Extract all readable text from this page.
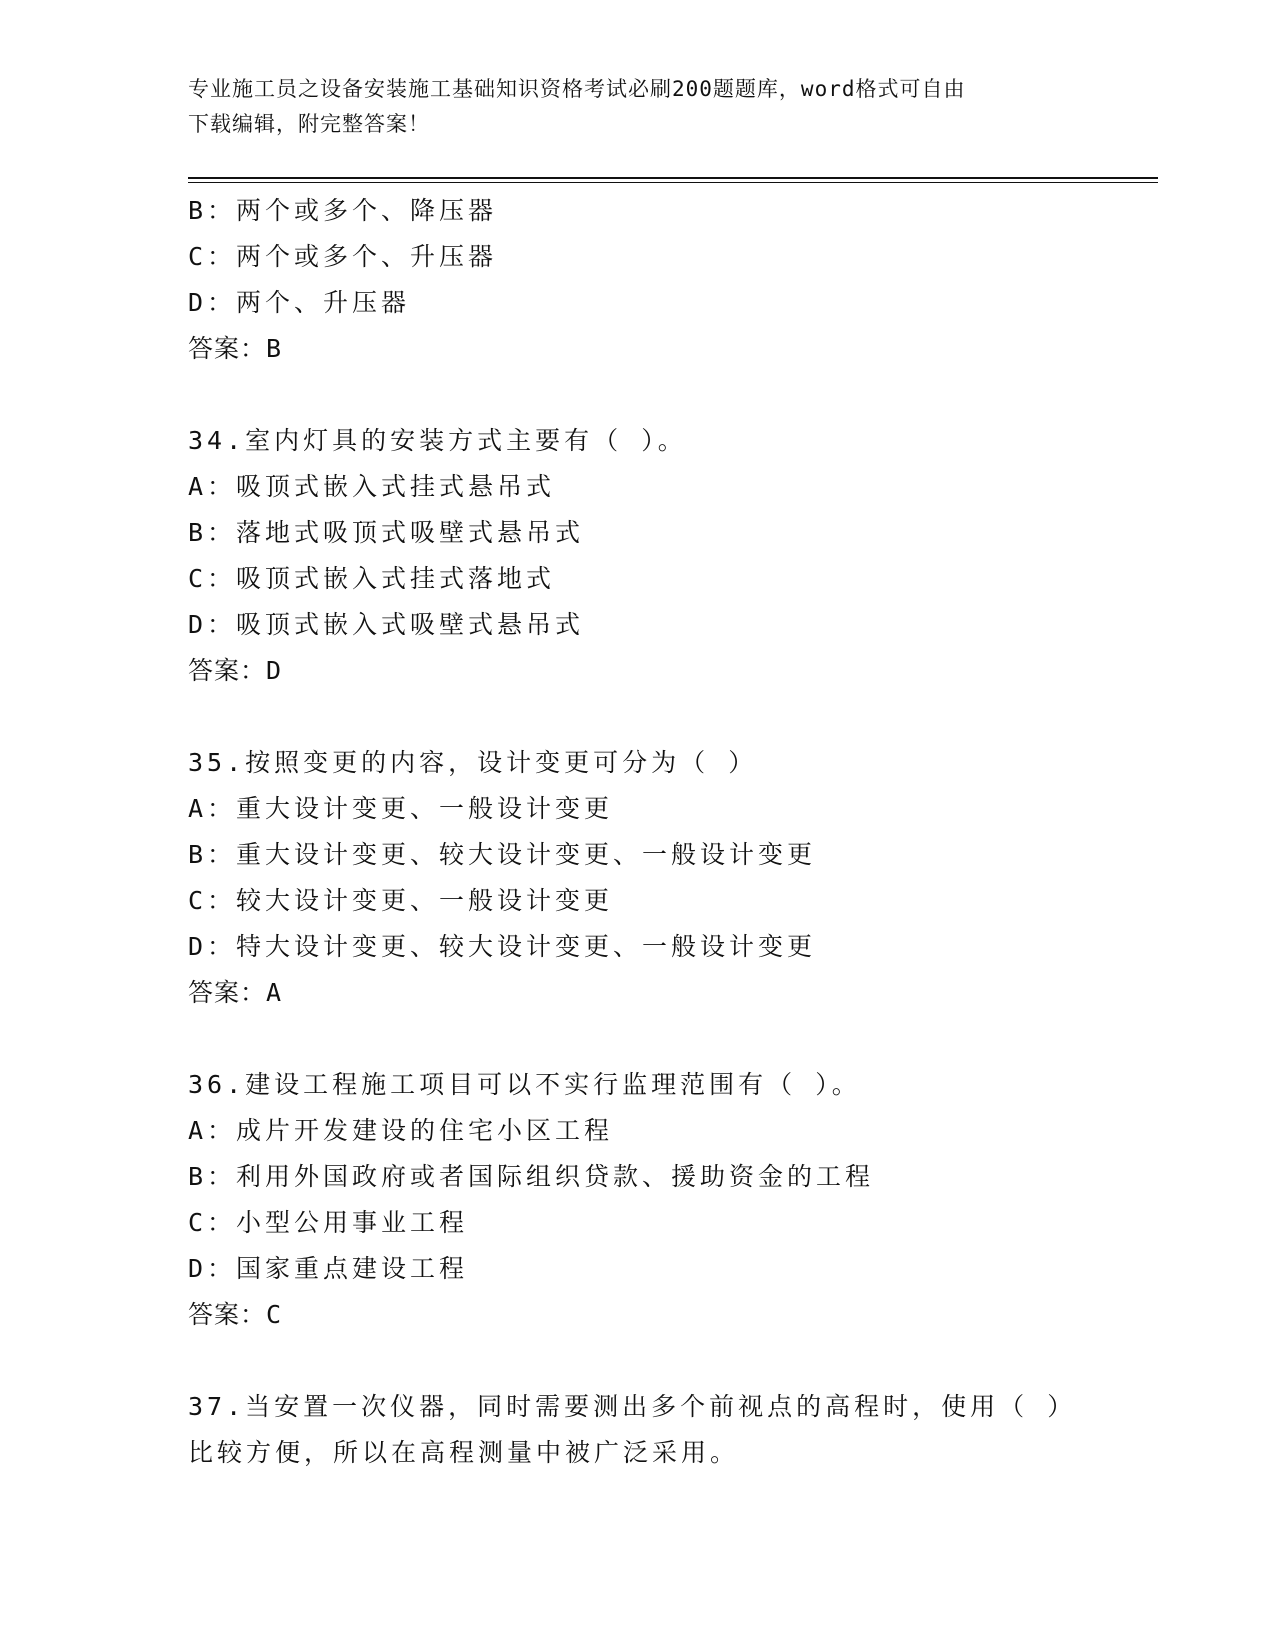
专业施工员之设备安装施工基础知识资格考试必刷200题题库，word格式可自由
下载编辑，附完整答案！
B：两个或多个、降压器
C：两个或多个、升压器
D：两个、升压器
答案：B
34.室内灯具的安装方式主要有（ ）。
A：吸顶式嵌入式挂式悬吊式
B：落地式吸顶式吸壁式悬吊式
C：吸顶式嵌入式挂式落地式
D：吸顶式嵌入式吸壁式悬吊式
答案：D
35.按照变更的内容，设计变更可分为（ ）
A：重大设计变更、一般设计变更
B：重大设计变更、较大设计变更、一般设计变更
C：较大设计变更、一般设计变更
D：特大设计变更、较大设计变更、一般设计变更
答案：A
36.建设工程施工项目可以不实行监理范围有（ ）。
A：成片开发建设的住宅小区工程
B：利用外国政府或者国际组织贷款、援助资金的工程
C：小型公用事业工程
D：国家重点建设工程
答案：C
37.当安置一次仪器，同时需要测出多个前视点的高程时，使用（ ）
比较方便，所以在高程测量中被广泛采用。
